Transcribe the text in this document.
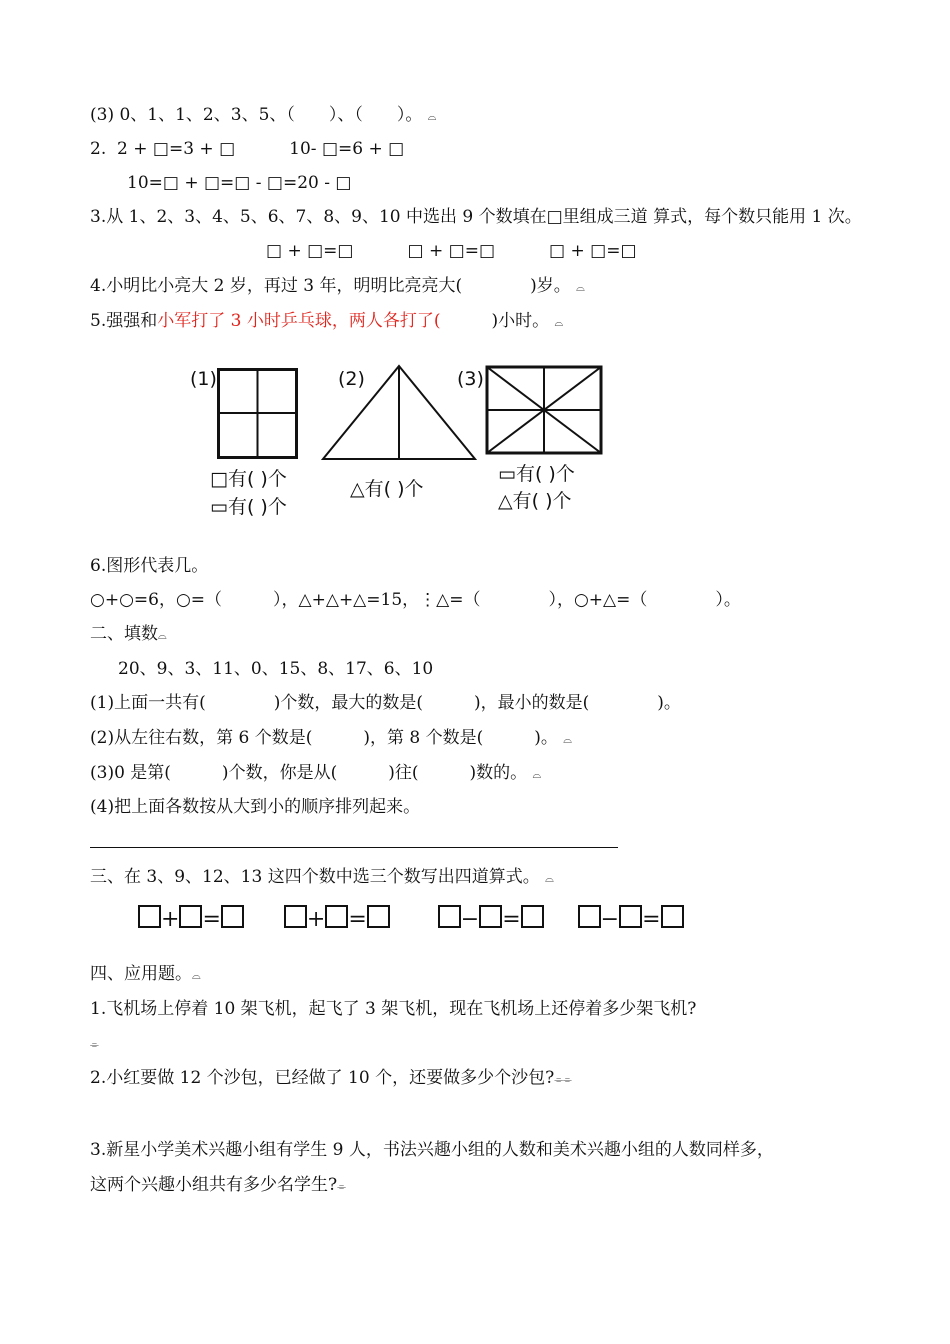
(3) 0、1、1、2、3、5、（　　）、（　　）。 ⌓
2.  2 + □=3 + □          10- □=6 + □
10=□ + □=□ - □=20 - □
3.从 1、2、3、4、5、6、7、8、9、10 中选出 9 个数填在□里组成三道 算式，每个数只能用 1 次。
□ + □=□          □ + □=□          □ + □=□
4.小明比小亮大 2 岁，再过 3 年，明明比亮亮大(　　　　)岁。 ⌓
5.强强和小军打了 3 小时乒乓球，两人各打了(　　　)小时。 ⌓
(1)
□有( )个
▭有( )个
(2)
△有( )个
(3)
▭有( )个
△有( )个
6.图形代表几。
○+○=6，○=（　　　），△+△+△=15，⋮△=（　　　　），○+△=（　　　　）。
二、填数⌓
20、9、3、11、0、15、8、17、6、10
(1)上面一共有(　　　　)个数，最大的数是(　　　)，最小的数是(　　　　)。
(2)从左往右数，第 6 个数是(　　　)，第 8 个数是(　　　)。 ⌓
(3)0 是第(　　　)个数，你是从(　　　)往(　　　)数的。 ⌓
(4)把上面各数按从大到小的顺序排列起来。
三、在 3、9、12、13 这四个数中选三个数写出四道算式。 ⌓
+ =	+ =	− =	− =
四、应用题。⌓
1.飞机场上停着 10 架飞机，起飞了 3 架飞机，现在飞机场上还停着多少架飞机?
⌯
2.小红要做 12 个沙包，已经做了 10 个，还要做多少个沙包?⌯⌯
3.新星小学美术兴趣小组有学生 9 人，书法兴趣小组的人数和美术兴趣小组的人数同样多，
这两个兴趣小组共有多少名学生?⌯
